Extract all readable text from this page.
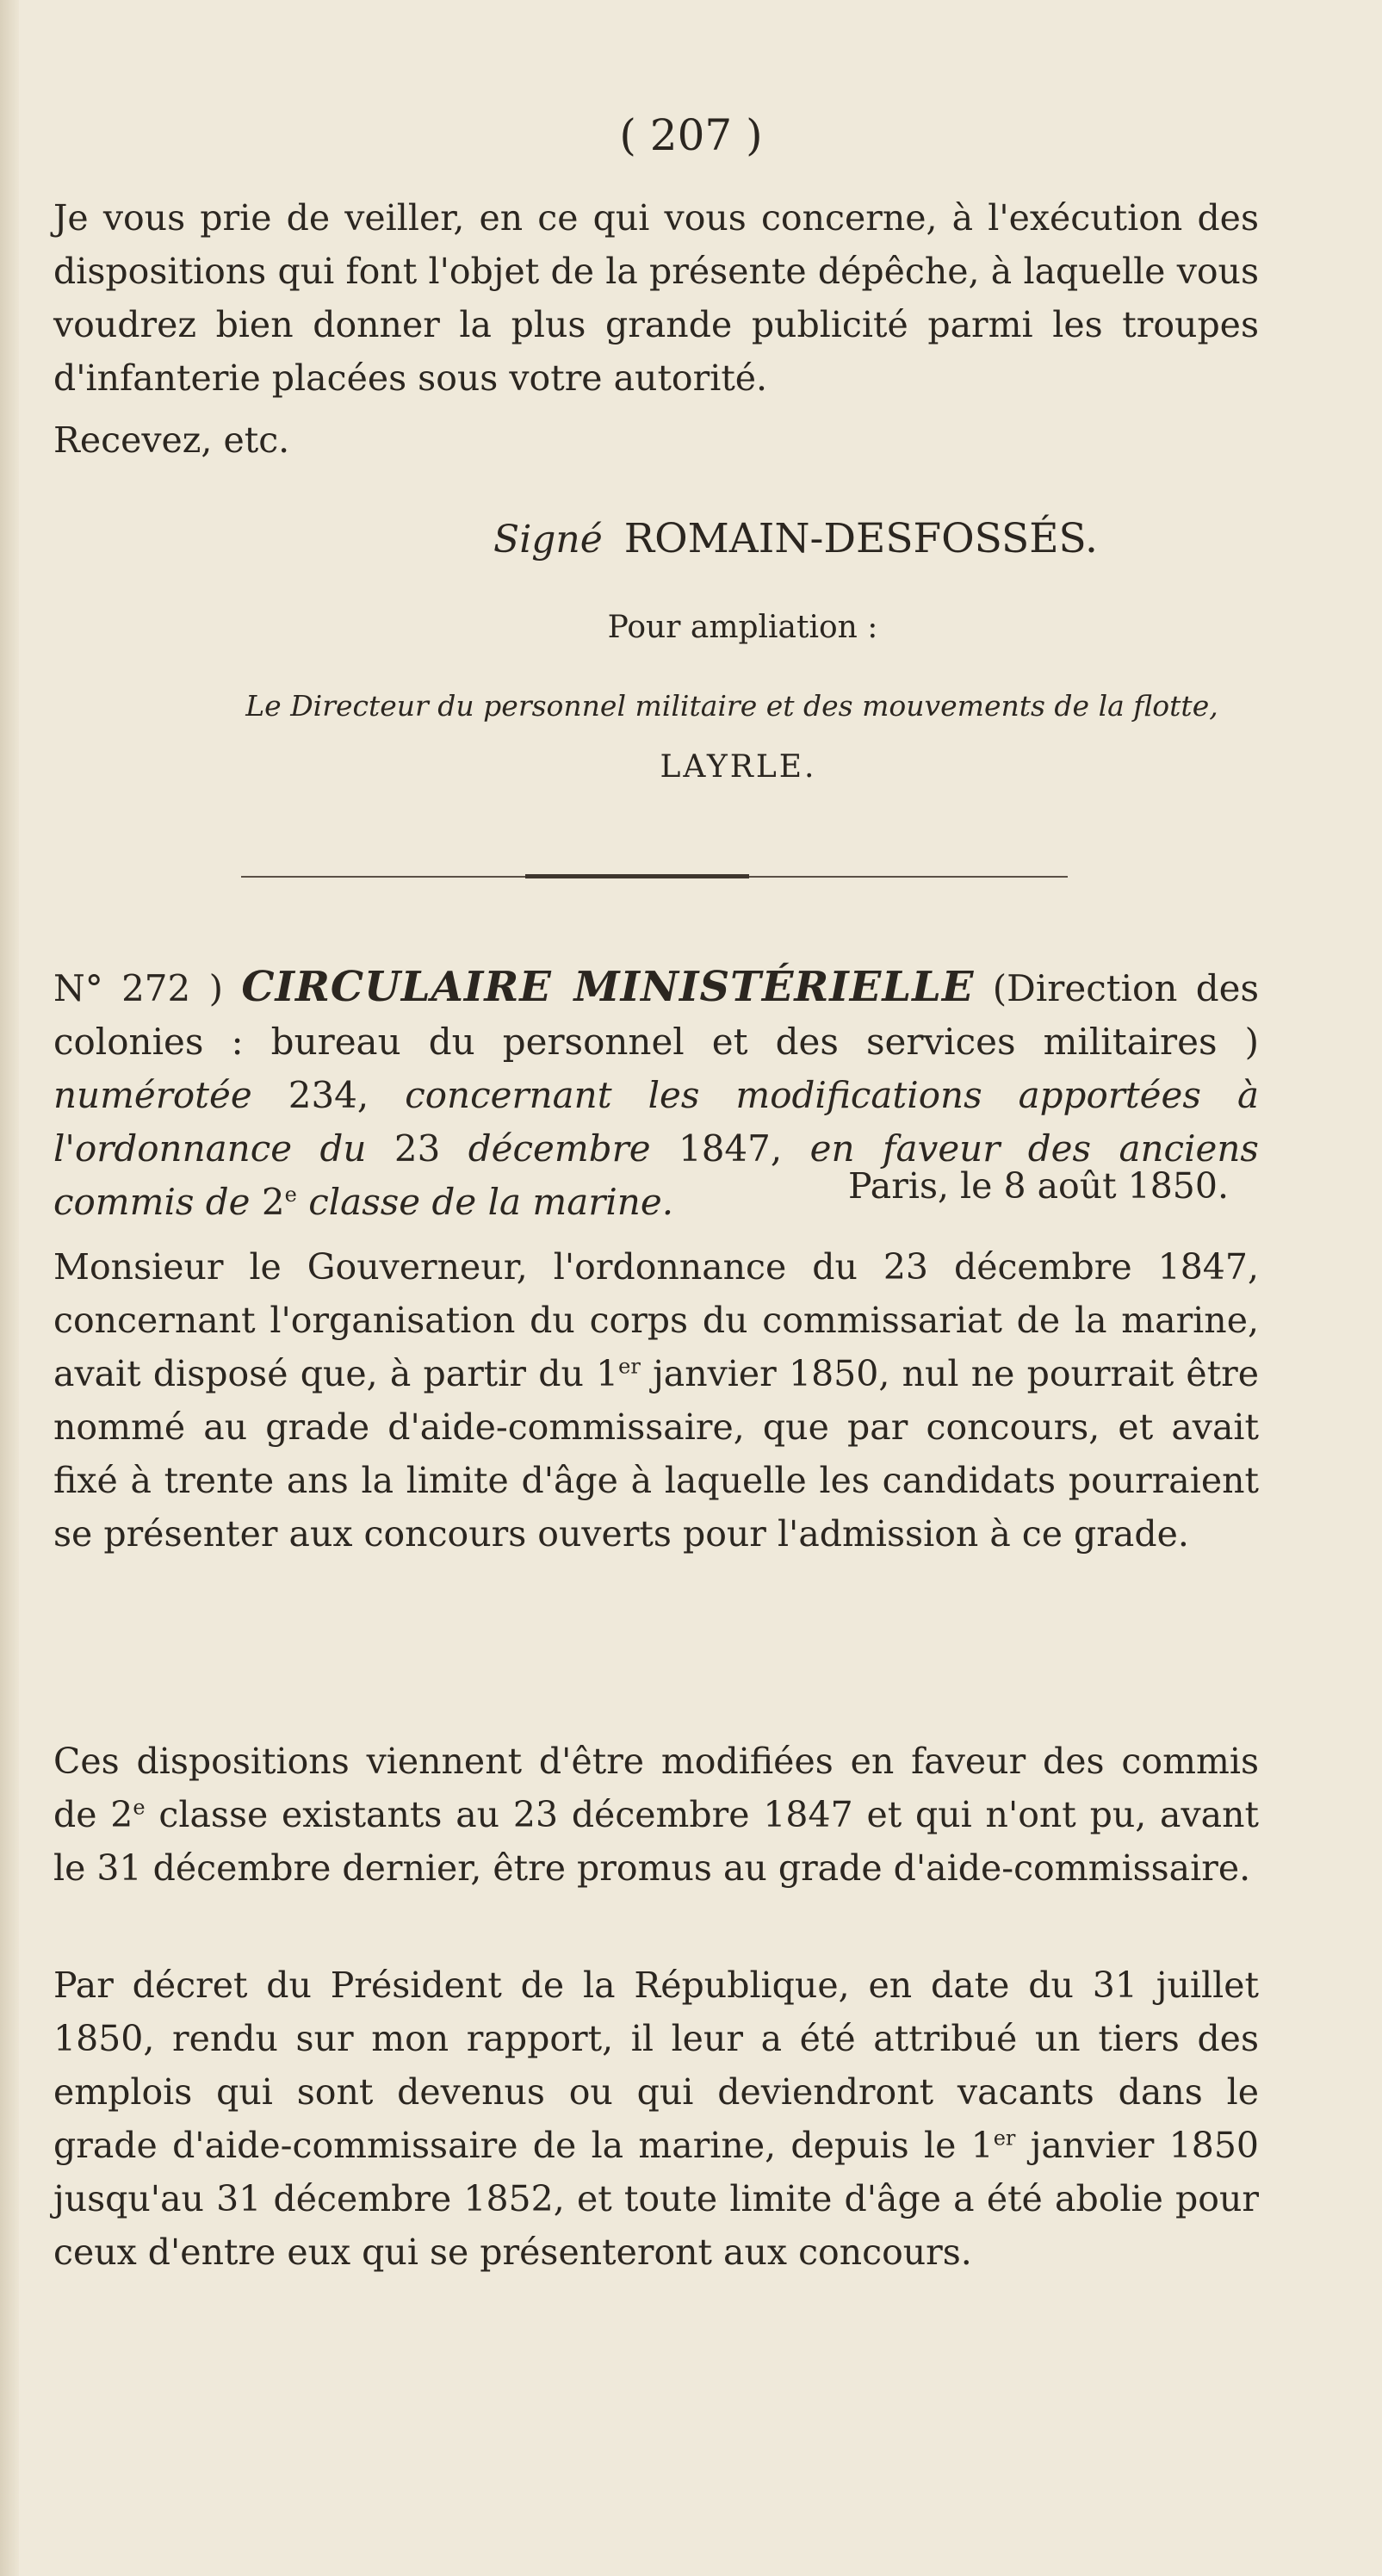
( 207 )
Je vous prie de veiller, en ce qui vous concerne, à l'exécution des dispositions qui font l'objet de la présente dépêche, à laquelle vous voudrez bien donner la plus grande publicité parmi les troupes d'infanterie placées sous votre autorité.
Recevez, etc.
Signé ROMAIN-DESFOSSÉS.
Pour ampliation :
Le Directeur du personnel militaire et des mouvements de la flotte,
LAYRLE.
N° 272 ) CIRCULAIRE MINISTÉRIELLE (Direction des colonies : bureau du personnel et des services militaires ) numérotée 234, concernant les modifications apportées à l'ordonnance du 23 décembre 1847, en faveur des anciens commis de 2e classe de la marine.	Paris, le 8 août 1850.
Monsieur le Gouverneur, l'ordonnance du 23 décembre 1847, concernant l'organisation du corps du commissariat de la marine, avait disposé que, à partir du 1er janvier 1850, nul ne pourrait être nommé au grade d'aide-commissaire, que par concours, et avait fixé à trente ans la limite d'âge à laquelle les candidats pourraient se présenter aux concours ouverts pour l'admission à ce grade.
Ces dispositions viennent d'être modifiées en faveur des commis de 2e classe existants au 23 décembre 1847 et qui n'ont pu, avant le 31 décembre dernier, être promus au grade d'aide-commissaire.
Par décret du Président de la République, en date du 31 juillet 1850, rendu sur mon rapport, il leur a été attribué un tiers des emplois qui sont devenus ou qui deviendront vacants dans le grade d'aide-commissaire de la marine, depuis le 1er janvier 1850 jusqu'au 31 décembre 1852, et toute limite d'âge a été abolie pour ceux d'entre eux qui se présenteront aux concours.
